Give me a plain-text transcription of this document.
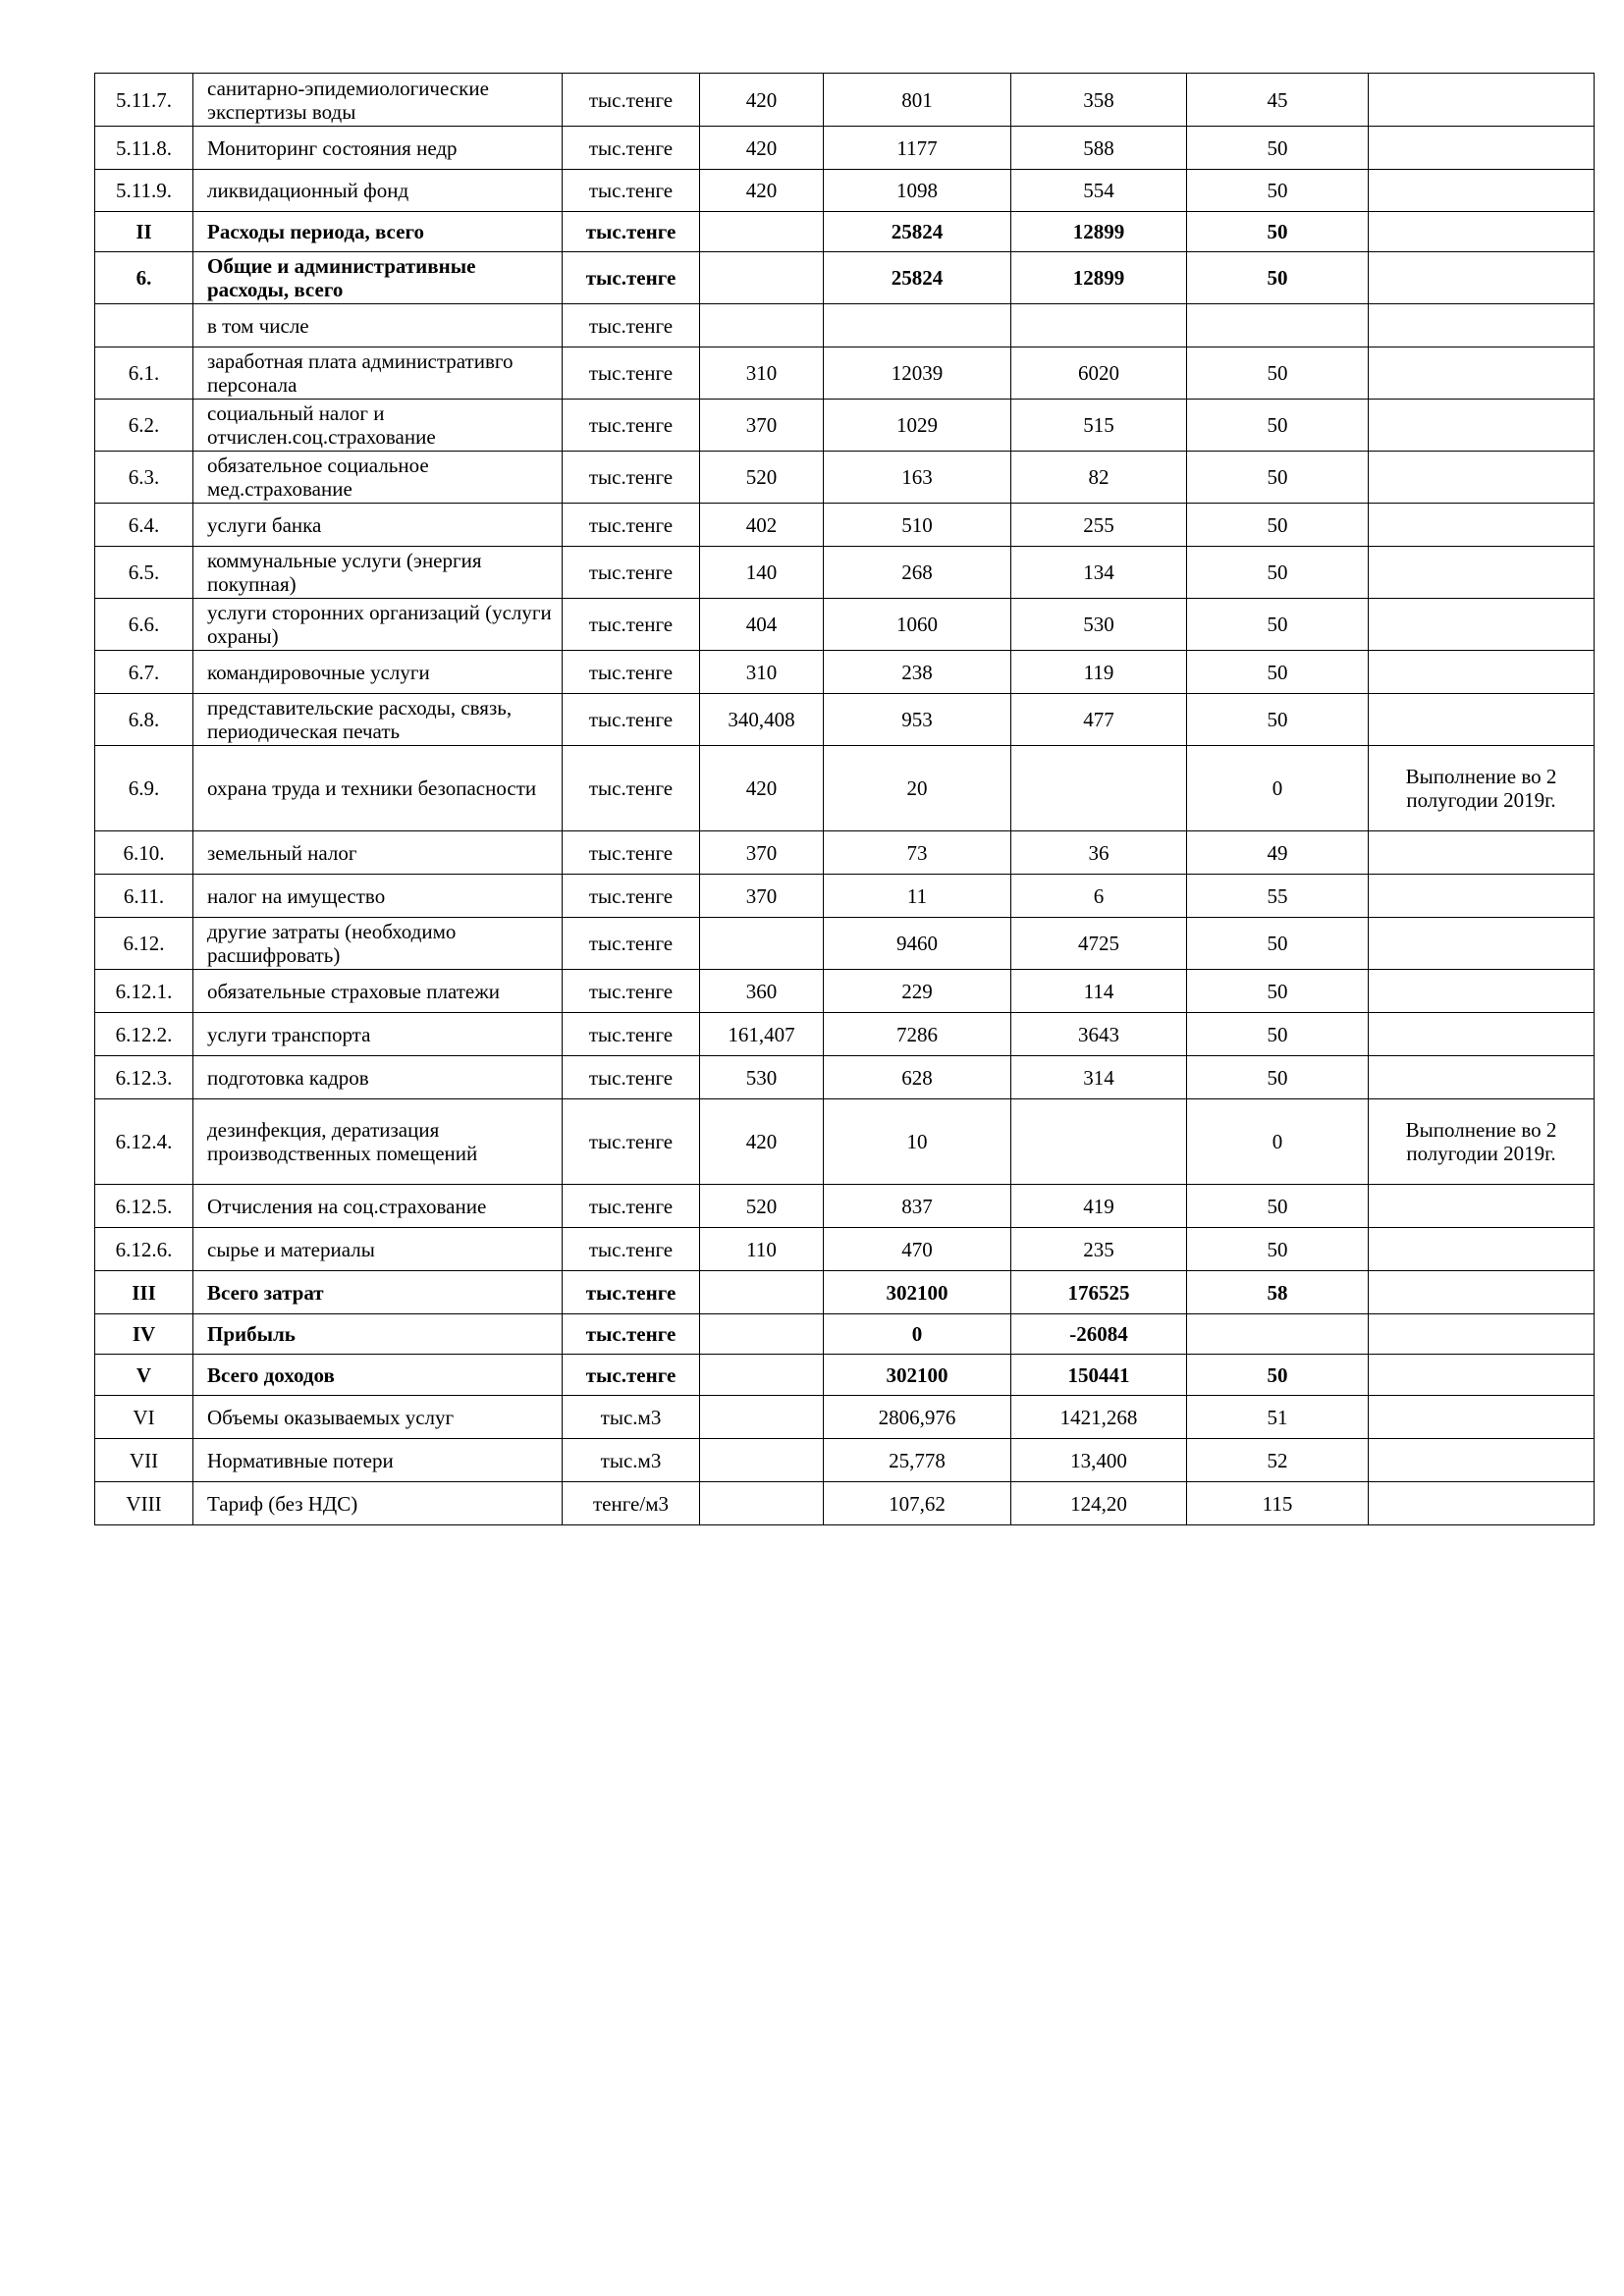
5.11.7.	санитарно-эпидемиологические экспертизы воды	тыс.тенге	420	801	358	45	
5.11.8.	Мониторинг состояния недр	тыс.тенге	420	1177	588	50	
5.11.9.	ликвидационный фонд	тыс.тенге	420	1098	554	50	
II	Расходы периода, всего	тыс.тенге		25824	12899	50	
6.	Общие и административные расходы, всего	тыс.тенге		25824	12899	50	
	в том числе	тыс.тенге					
6.1.	заработная плата административго персонала	тыс.тенге	310	12039	6020	50	
6.2.	социальный налог и отчислен.соц.страхование	тыс.тенге	370	1029	515	50	
6.3.	обязательное социальное мед.страхование	тыс.тенге	520	163	82	50	
6.4.	услуги банка	тыс.тенге	402	510	255	50	
6.5.	коммунальные услуги (энергия покупная)	тыс.тенге	140	268	134	50	
6.6.	услуги сторонних организаций (услуги охраны)	тыс.тенге	404	1060	530	50	
6.7.	командировочные услуги	тыс.тенге	310	238	119	50	
6.8.	представительские расходы, связь, периодическая печать	тыс.тенге	340,408	953	477	50	
6.9.	охрана труда и техники безопасности	тыс.тенге	420	20		0	Выполнение во 2 полугодии 2019г.
6.10.	земельный налог	тыс.тенге	370	73	36	49	
6.11.	налог на имущество	тыс.тенге	370	11	6	55	
6.12.	другие затраты (необходимо расшифровать)	тыс.тенге		9460	4725	50	
6.12.1.	обязательные страховые платежи	тыс.тенге	360	229	114	50	
6.12.2.	услуги транспорта	тыс.тенге	161,407	7286	3643	50	
6.12.3.	подготовка кадров	тыс.тенге	530	628	314	50	
6.12.4.	дезинфекция, дератизация производственных помещений	тыс.тенге	420	10		0	Выполнение во 2 полугодии 2019г.
6.12.5.	Отчисления на соц.страхование	тыс.тенге	520	837	419	50	
6.12.6.	сырье и материалы	тыс.тенге	110	470	235	50	
III	Всего затрат	тыс.тенге		302100	176525	58	
IV	Прибыль	тыс.тенге		0	-26084		
V	Всего доходов	тыс.тенге		302100	150441	50	
VI	Объемы оказываемых услуг	тыс.м3		2806,976	1421,268	51	
VII	Нормативные потери	тыс.м3		25,778	13,400	52	
VIII	Тариф (без НДС)	тенге/м3		107,62	124,20	115	
